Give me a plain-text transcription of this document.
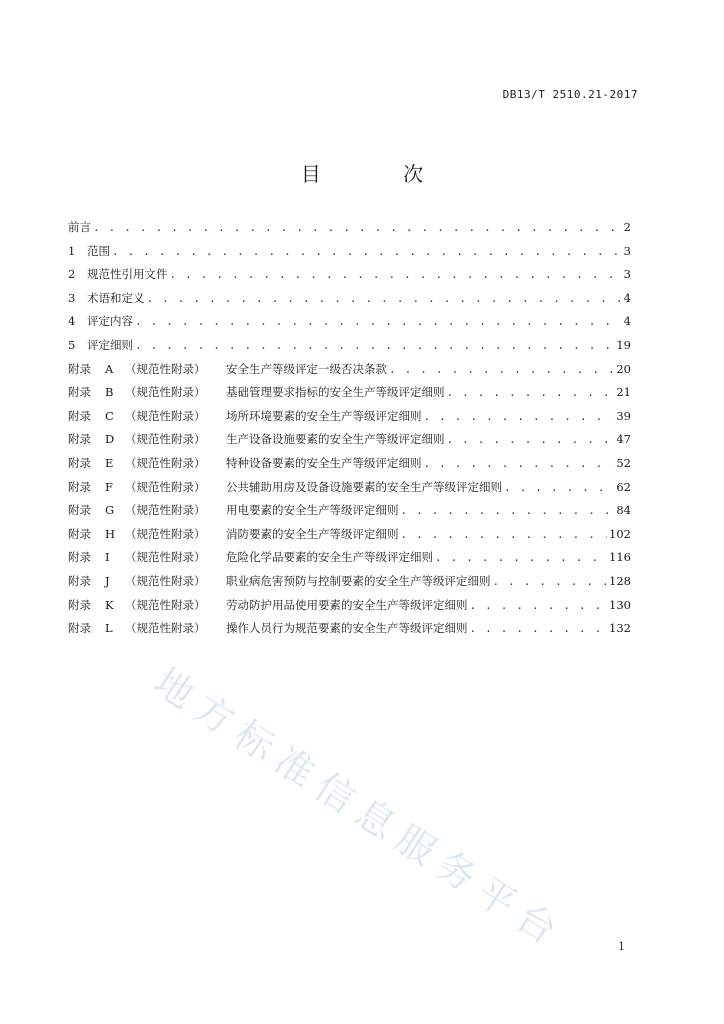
DB13/T 2510.21-2017
目 次
前言 . . .	2
1	范围 . . .	3
2	规范性引用文件 . . .	3
3	术语和定义 . . .	4
4	评定内容 . . .	4
5	评定细则 . . .	19
附录	A	（规范性附录）	安全生产等级评定一级否决条款 . . .	20
附录	B	（规范性附录）	基础管理要求指标的安全生产等级评定细则 . . .	21
附录	C （规范性附录）	场所环境要素的安全生产等级评定细则 . . .	39
附录	D （规范性附录）	生产设备设施要素的安全生产等级评定细则 . . .	47
附录	E	（规范性附录）	特种设备要素的安全生产等级评定细则 . . .	52
附录	F	（规范性附录）	公共辅助用房及设备设施要素的安全生产等级评定细则 . . .	62
附录	G （规范性附录）	用电要素的安全生产等级评定细则 . . .	84
附录	H （规范性附录）	消防要素的安全生产等级评定细则 . . .	102
附录	I	（规范性附录）	危险化学品要素的安全生产等级评定细则 . . .	116
附录	J	（规范性附录）	职业病危害预防与控制要素的安全生产等级评定细则 . . .	128
附录	K （规范性附录）	劳动防护用品使用要素的安全生产等级评定细则 . . .	130
附录	L	（规范性附录）	操作人员行为规范要素的安全生产等级评定细则 . . .	132
地方标准信息服务平台	1
